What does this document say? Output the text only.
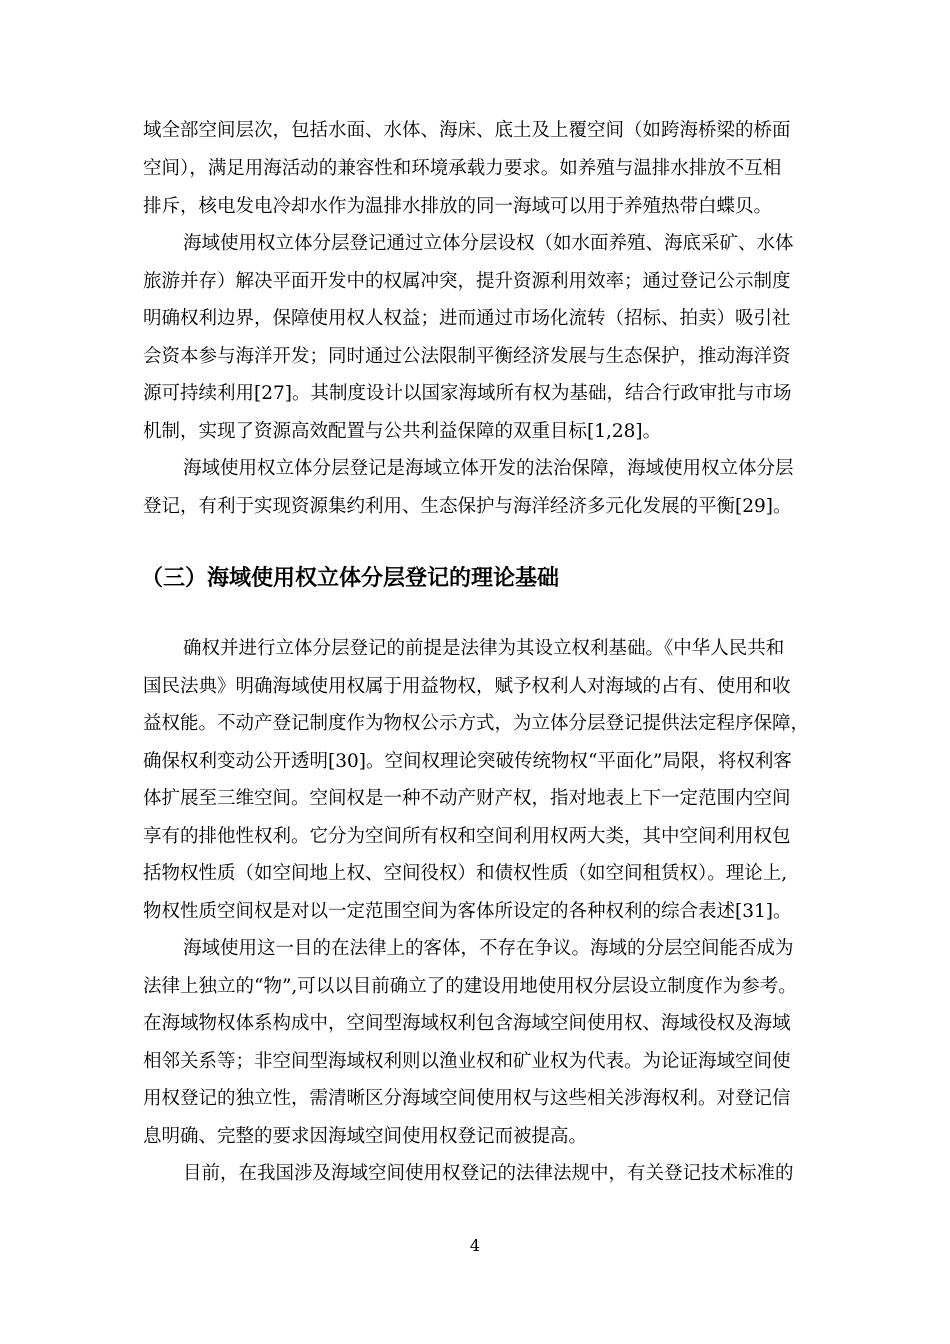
域全部空间层次，包括水面、水体、海床、底土及上覆空间（如跨海桥梁的桥面
空间），满足用海活动的兼容性和环境承载力要求。如养殖与温排水排放不互相
排斥，核电发电冷却水作为温排水排放的同一海域可以用于养殖热带白蝶贝。
海域使用权立体分层登记通过立体分层设权（如水面养殖、海底采矿、水体
旅游并存）解决平面开发中的权属冲突，提升资源利用效率；通过登记公示制度
明确权利边界，保障使用权人权益；进而通过市场化流转（招标、拍卖）吸引社
会资本参与海洋开发；同时通过公法限制平衡经济发展与生态保护，推动海洋资
源可持续利用[27]。其制度设计以国家海域所有权为基础，结合行政审批与市场
机制，实现了资源高效配置与公共利益保障的双重目标[1,28]。
海域使用权立体分层登记是海域立体开发的法治保障，海域使用权立体分层
登记，有利于实现资源集约利用、生态保护与海洋经济多元化发展的平衡[29]。
（三）海域使用权立体分层登记的理论基础
确权并进行立体分层登记的前提是法律为其设立权利基础。《中华人民共和
国民法典》明确海域使用权属于用益物权，赋予权利人对海域的占有、使用和收
益权能。不动产登记制度作为物权公示方式，为立体分层登记提供法定程序保障，
确保权利变动公开透明[30]。空间权理论突破传统物权“平面化”局限，将权利客
体扩展至三维空间。空间权是一种不动产财产权，指对地表上下一定范围内空间
享有的排他性权利。它分为空间所有权和空间利用权两大类，其中空间利用权包
括物权性质（如空间地上权、空间役权）和债权性质（如空间租赁权）。理论上,
物权性质空间权是对以一定范围空间为客体所设定的各种权利的综合表述[31]。
海域使用这一目的在法律上的客体，不存在争议。海域的分层空间能否成为
法律上独立的“物”,可以以目前确立了的建设用地使用权分层设立制度作为参考。
在海域物权体系构成中，空间型海域权利包含海域空间使用权、海域役权及海域
相邻关系等；非空间型海域权利则以渔业权和矿业权为代表。为论证海域空间使
用权登记的独立性，需清晰区分海域空间使用权与这些相关涉海权利。对登记信
息明确、完整的要求因海域空间使用权登记而被提高。
目前，在我国涉及海域空间使用权登记的法律法规中，有关登记技术标准的
4
